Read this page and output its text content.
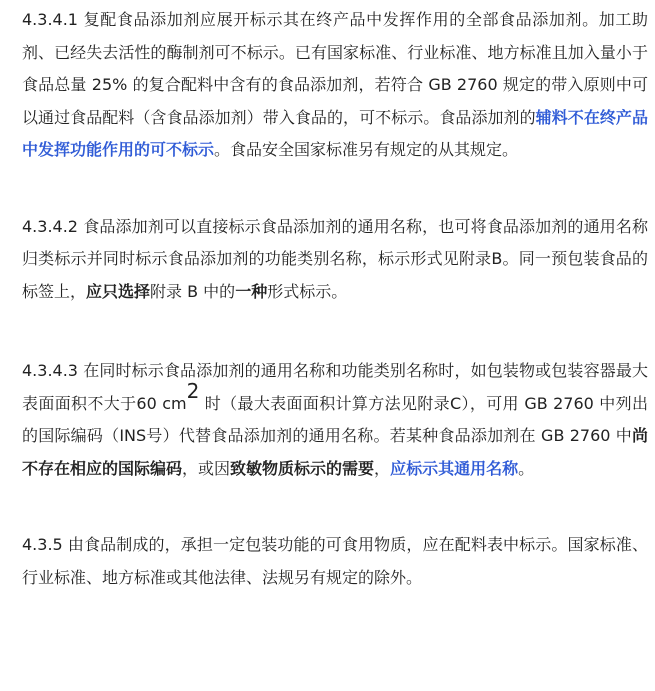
4.3.4.1 复配食品添加剂应展开标示其在终产品中发挥作用的全部食品添加剂。加工助剂、已经失去活性的酶制剂可不标示。已有国家标准、行业标准、地方标准且加入量小于食品总量 25% 的复合配料中含有的食品添加剂，若符合 GB 2760 规定的带入原则中可以通过食品配料（含食品添加剂）带入食品的，可不标示。食品添加剂的辅料不在终产品中发挥功能作用的可不标示。食品安全国家标准另有规定的从其规定。

4.3.4.2 食品添加剂可以直接标示食品添加剂的通用名称，也可将食品添加剂的通用名称归类标示并同时标示食品添加剂的功能类别名称，标示形式见附录B。同一预包装食品的标签上，应只选择附录 B 中的一种形式标示。

4.3.4.3 在同时标示食品添加剂的通用名称和功能类别名称时，如包装物或包装容器最大表面面积不大于60 $cm^2$ 时（最大表面面积计算方法见附录C），可用 GB 2760 中列出的国际编码（INS号）代替食品添加剂的通用名称。若某种食品添加剂在 GB 2760 中尚不存在相应的国际编码，或因致敏物质标示的需要，应标示其通用名称。

4.3.5 由食品制成的，承担一定包装功能的可食用物质，应在配料表中标示。国家标准、行业标准、地方标准或其他法律、法规另有规定的除外。
